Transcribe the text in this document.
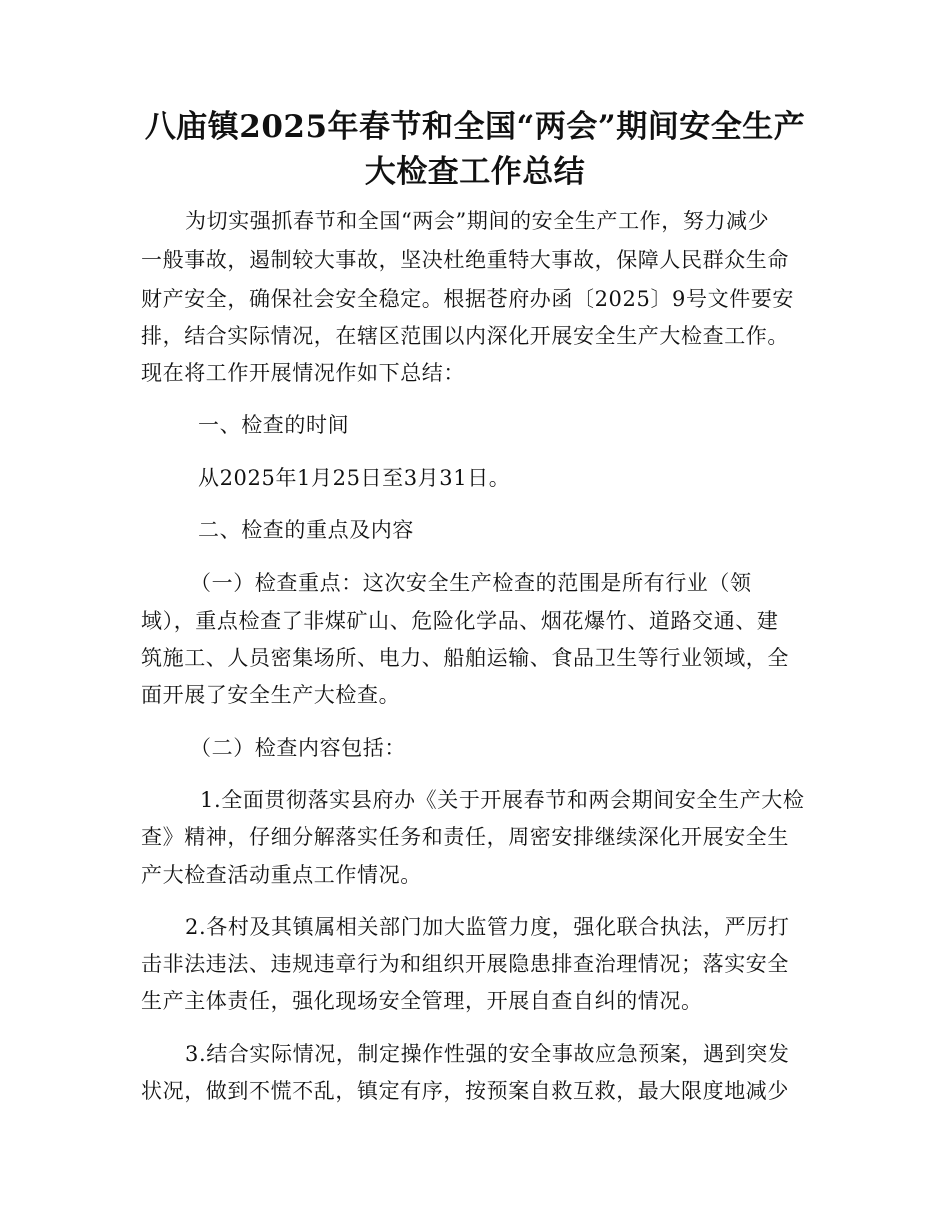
八庙镇2025年春节和全国“两会”期间安全生产
大检查工作总结
为切实强抓春节和全国“两会”期间的安全生产工作，努力减少
一般事故，遏制较大事故，坚决杜绝重特大事故，保障人民群众生命
财产安全，确保社会安全稳定。根据苍府办函〔2025〕9号文件要安
排，结合实际情况，在辖区范围以内深化开展安全生产大检查工作。
现在将工作开展情况作如下总结：
一、检查的时间
从2025年1月25日至3月31日。
二、检查的重点及内容
（一）检查重点：这次安全生产检查的范围是所有行业（领
域），重点检查了非煤矿山、危险化学品、烟花爆竹、道路交通、建
筑施工、人员密集场所、电力、船舶运输、食品卫生等行业领域，全
面开展了安全生产大检查。
（二）检查内容包括：
1.全面贯彻落实县府办《关于开展春节和两会期间安全生产大检
查》精神，仔细分解落实任务和责任，周密安排继续深化开展安全生
产大检查活动重点工作情况。
2.各村及其镇属相关部门加大监管力度，强化联合执法，严厉打
击非法违法、违规违章行为和组织开展隐患排查治理情况；落实安全
生产主体责任，强化现场安全管理，开展自查自纠的情况。
3.结合实际情况，制定操作性强的安全事故应急预案，遇到突发
状况，做到不慌不乱，镇定有序，按预案自救互救，最大限度地减少
